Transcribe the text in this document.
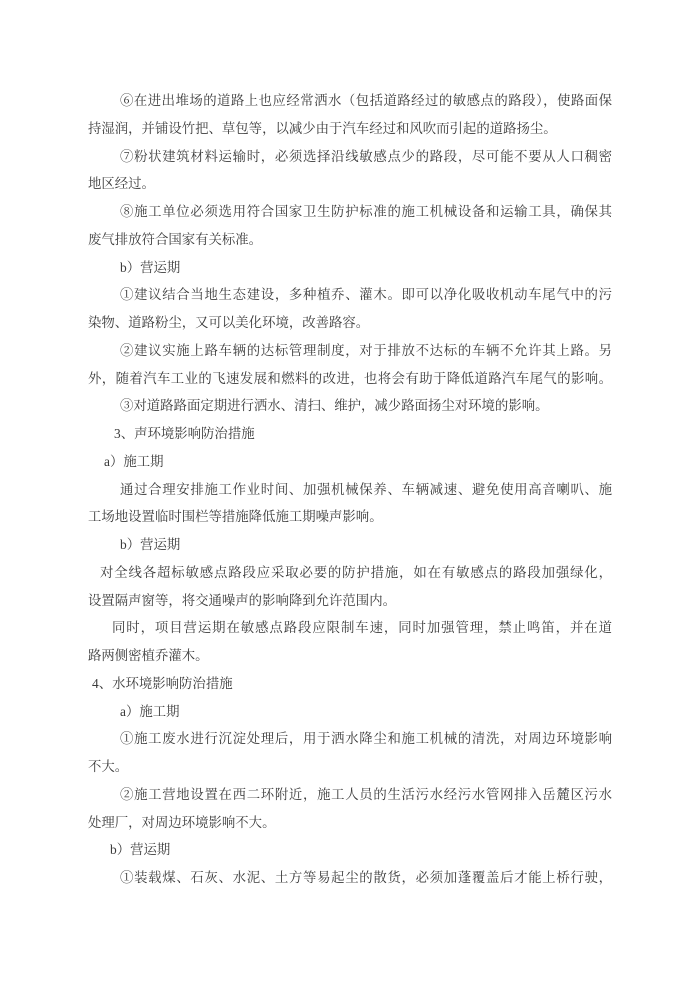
⑥在进出堆场的道路上也应经常洒水（包括道路经过的敏感点的路段），使路面保
持湿润，并铺设竹把、草包等，以减少由于汽车经过和风吹而引起的道路扬尘。
⑦粉状建筑材料运输时，必须选择沿线敏感点少的路段，尽可能不要从人口稠密
地区经过。
⑧施工单位必须选用符合国家卫生防护标准的施工机械设备和运输工具，确保其
废气排放符合国家有关标准。
b）营运期
①建议结合当地生态建设，多种植乔、灌木。即可以净化吸收机动车尾气中的污
染物、道路粉尘，又可以美化环境，改善路容。
②建议实施上路车辆的达标管理制度，对于排放不达标的车辆不允许其上路。另
外，随着汽车工业的飞速发展和燃料的改进，也将会有助于降低道路汽车尾气的影响。
③对道路路面定期进行洒水、清扫、维护，减少路面扬尘对环境的影响。
3、声环境影响防治措施
a）施工期
通过合理安排施工作业时间、加强机械保养、车辆减速、避免使用高音喇叭、施
工场地设置临时围栏等措施降低施工期噪声影响。
b）营运期
对全线各超标敏感点路段应采取必要的防护措施，如在有敏感点的路段加强绿化，
设置隔声窗等，将交通噪声的影响降到允许范围内。
同时，项目营运期在敏感点路段应限制车速，同时加强管理，禁止鸣笛，并在道
路两侧密植乔灌木。
4、水环境影响防治措施
a）施工期
①施工废水进行沉淀处理后，用于洒水降尘和施工机械的清洗，对周边环境影响
不大。
②施工营地设置在西二环附近，施工人员的生活污水经污水管网排入岳麓区污水
处理厂，对周边环境影响不大。
b）营运期
①装载煤、石灰、水泥、土方等易起尘的散货，必须加蓬覆盖后才能上桥行驶，
